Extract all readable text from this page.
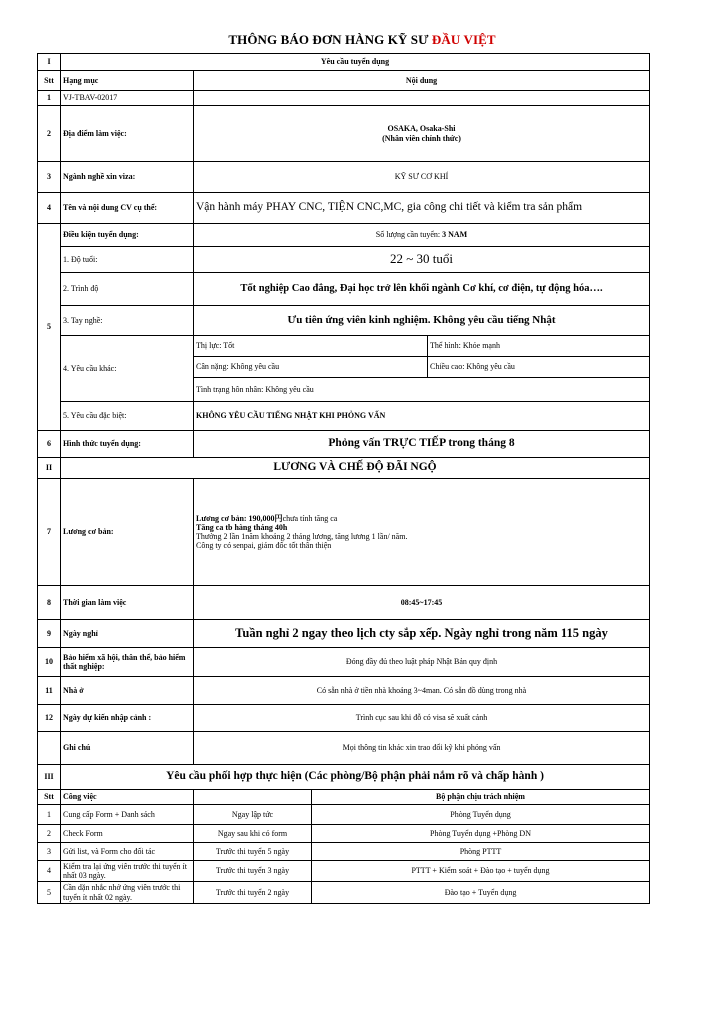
THÔNG BÁO ĐƠN HÀNG KỸ SƯ ĐẦU VIỆT
I	Yêu cầu tuyển dụng			
Stt	Hạng mục	Nội dung		
1	VJ-TBAV-02017			
2	Địa điểm làm việc:	OSAKA, Osaka-Shi
(Nhân viên chính thức)		

3	Ngành nghề xin viza:	KỸ SƯ CƠ KHÍ		
4	Tên và nội dung CV cụ thể:	Vận hành máy PHAY CNC, TIỆN CNC,MC, gia công chi tiết và kiểm tra sản phẩm		
5	Điều kiện tuyển dụng:	Số lượng cần tuyển: 3 NAM		
	1. Độ tuổi:	22 ~ 30 tuổi		
	2. Trình độ	Tốt nghiệp Cao đẳng, Đại học trở lên khối ngành Cơ khí, cơ điện, tự động hóa….		
	3. Tay nghề:	Ưu tiên ứng viên kinh nghiệm. Không yêu cầu tiếng Nhật		
	4. Yêu cầu khác:	Thị lực: Tốt		Thể hình: Khỏe mạnh
		Cân nặng: Không yêu cầu		Chiều cao: Không yêu cầu
		Tình trạng hôn nhân: Không yêu cầu		
	5. Yêu cầu đặc biệt:	KHÔNG YÊU CẦU TIẾNG NHẬT KHI PHỎNG VẤN		
6	Hình thức tuyển dụng:	Phỏng vấn TRỰC TIẾP trong tháng 8		
II	LƯƠNG VÀ CHẾ ĐỘ ĐÃI NGỘ			
7	Lương cơ bản:	Lương cơ bản: 190,000円chưa tính tăng ca
Tăng ca tb hàng tháng 40h
Thưởng 2 lần 1năm khoảng 2 tháng lương, tăng lương 1 lần/ năm.
Công ty có senpai, giám đốc tốt thân thiện		

8	Thời gian làm việc	08:45~17:45		
9	Ngày nghỉ	Tuần nghỉ 2 ngay theo lịch cty sắp xếp. Ngày nghỉ trong năm 115 ngày		
10	Bảo hiểm xã hội, thân thể, bảo hiểm thất nghiệp:	Đóng đầy đủ theo luật pháp Nhật Bản quy định		
11	Nhà ở	Có sẵn nhà ở tiền nhà khoảng 3~4man. Có sẵn đồ dùng trong nhà		
12	Ngày dự kiến nhập cảnh :	Trình cục sau khi đỗ có visa sẽ xuất cảnh		
	Ghi chú	Mọi thông tin khác xin trao đổi kỹ khi phỏng vấn		
III	Yêu cầu phối hợp thực hiện (Các phòng/Bộ phận phải nắm rõ và chấp hành )			
Stt	Công việc		Bộ phận chịu trách nhiệm	
1	Cung cấp Form + Danh sách	Ngay lập tức	Phòng Tuyển dụng	
2	Check Form	Ngay sau khi có form	Phòng Tuyển dụng +Phòng DN	
3	Gửi list, và Form cho đối tác	Trước thi tuyển 5 ngày	Phòng PTTT	
4	Kiểm tra lại ứng viên trước thi tuyển ít nhất 03 ngày.	Trước thi tuyển 3 ngày	PTTT + Kiểm soát + Đào tạo + tuyển dụng	
5	Cần dặn nhắc nhở ứng viên trước thi tuyển ít nhất 02 ngày.	Trước thi tuyển 2 ngày	Đào tạo + Tuyển dụng	
